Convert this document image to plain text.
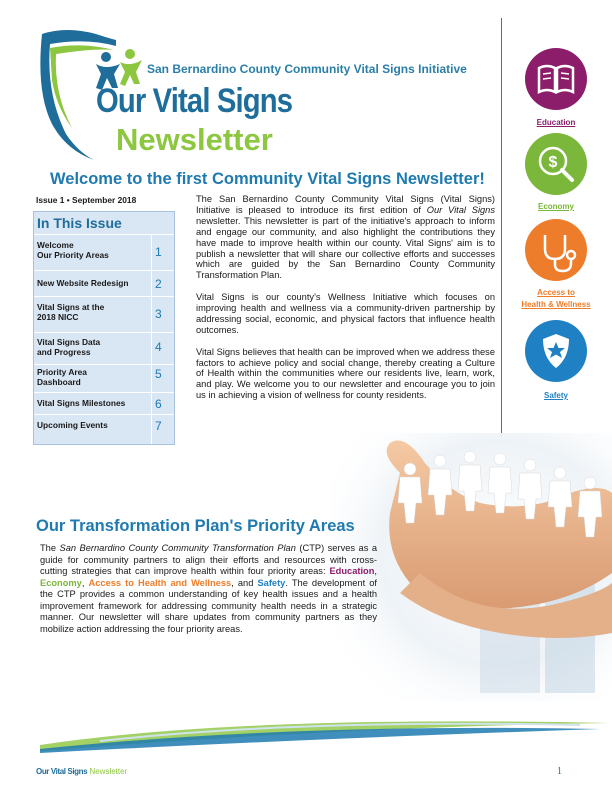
San Bernardino County Community Vital Signs Initiative
Our Vital Signs
Newsletter	Education
$
Economy
Access to
Health & Wellness
Safety
Welcome to the first Community Vital Signs Newsletter!
Issue 1 • September 2018
In This Issue
Welcome
Our Priority Areas	1
New Website Redesign	2
Vital Signs at the
2018 NICC	3
Vital Signs Data
and Progress	4
Priority Area
Dashboard
5
Vital Signs Milestones	6
Upcoming Events	7

The San Bernardino County Community Vital Signs (Vital Signs) Initiative is pleased to introduce its first edition of Our Vital Signs newsletter. This newsletter is part of the initiative's approach to inform and engage our community, and also highlight the contributions they have made to improve health within our county. Vital Signs' aim is to publish a newsletter that will share our collective efforts and successes which are guided by the San Bernardino County Community Transformation Plan.

Vital Signs is our county's Wellness Initiative which focuses on improving health and wellness via a community-driven partnership by addressing social, economic, and physical factors that influence health outcomes.

Vital Signs believes that health can be improved when we address these factors to achieve policy and social change, thereby creating a Culture of Health within the communities where our residents live, learn, work, and play. We welcome you to our newsletter and encourage you to join us in achieving a vision of wellness for county residents.

Our Transformation Plan's Priority Areas
The San Bernardino County Community Transformation Plan (CTP) serves as a guide for community partners to align their efforts and resources with cross-cutting strategies that can improve health within four priority areas: Education, Economy, Access to Health and Wellness, and Safety. The development of the CTP provides a common understanding of key health issues and a health improvement framework for addressing community health needs in a strategic manner. Our newsletter will share updates from community partners as they mobilize action addressing the four priority areas.
Our Vital Signs Newsletter	1
